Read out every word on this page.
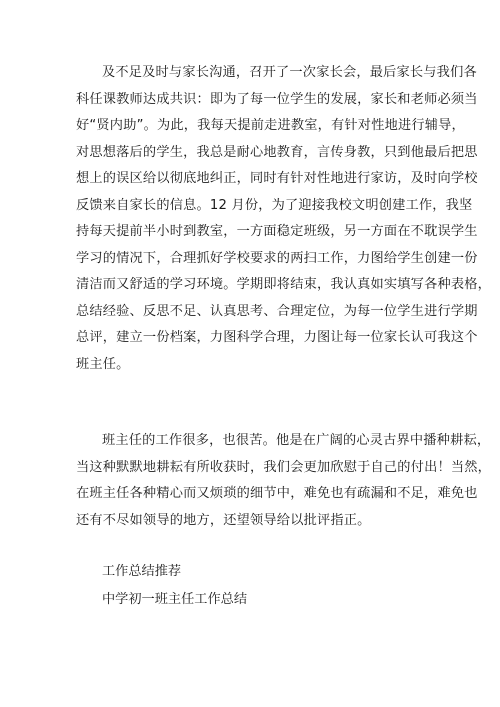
及不足及时与家长沟通，召开了一次家长会，最后家长与我们各
科任课教师达成共识：即为了每一位学生的发展，家长和老师必须当
好“贤内助”。为此，我每天提前走进教室，有针对性地进行辅导，
对思想落后的学生，我总是耐心地教育，言传身教，只到他最后把思
想上的误区给以彻底地纠正，同时有针对性地进行家访，及时向学校
反馈来自家长的信息。12 月份，为了迎接我校文明创建工作，我坚
持每天提前半小时到教室，一方面稳定班级，另一方面在不耽误学生
学习的情况下，合理抓好学校要求的两扫工作，力图给学生创建一份
清洁而又舒适的学习环境。学期即将结束，我认真如实填写各种表格，
总结经验、反思不足、认真思考、合理定位，为每一位学生进行学期
总评，建立一份档案，力图科学合理，力图让每一位家长认可我这个
班主任。
班主任的工作很多，也很苦。他是在广阔的心灵古界中播种耕耘，
当这种默默地耕耘有所收获时，我们会更加欣慰于自己的付出！当然，
在班主任各种精心而又烦琐的细节中，难免也有疏漏和不足，难免也
还有不尽如领导的地方，还望领导给以批评指正。

工作总结推荐

中学初一班主任工作总结
